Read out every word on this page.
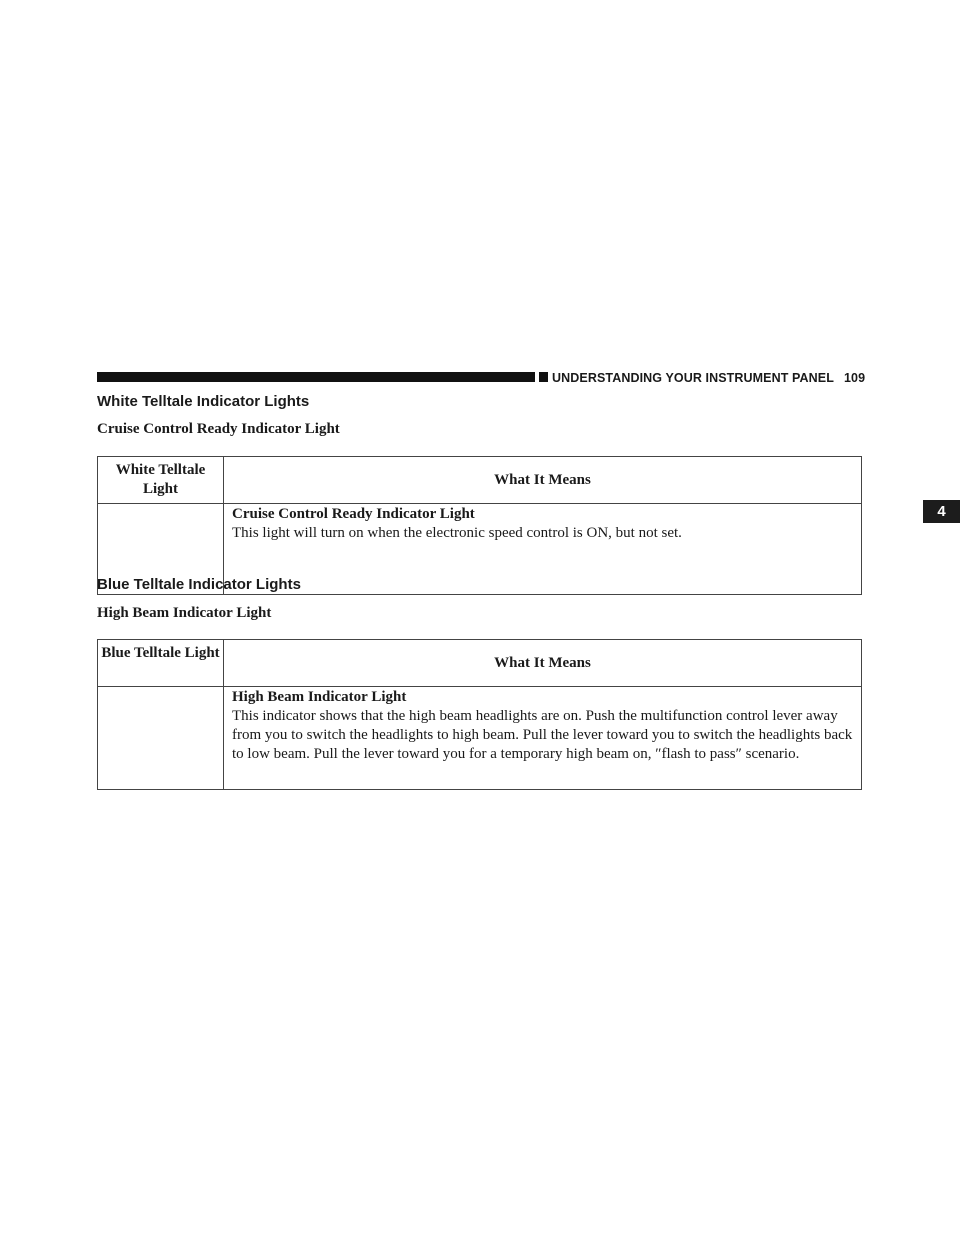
UNDERSTANDING YOUR INSTRUMENT PANEL 109
4
White Telltale Indicator Lights
Cruise Control Ready Indicator Light
White Telltale Light	What It Means

	Cruise Control Ready Indicator Light
This light will turn on when the electronic speed control is ON, but not set.
Blue Telltale Indicator Lights
High Beam Indicator Light
Blue Telltale Light	What It Means

	High Beam Indicator Light
This indicator shows that the high beam headlights are on. Push the multifunction control lever away from you to switch the headlights to high beam. Pull the lever toward you to switch the headlights back to low beam. Pull the lever toward you for a temporary high beam on, ″flash to pass″ scenario.
